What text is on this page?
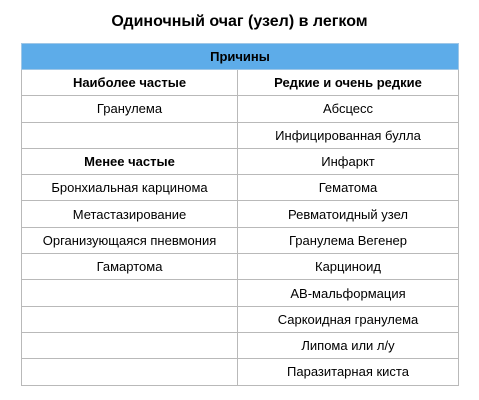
Одиночный очаг (узел) в легком
Причины	
Наиболее частые	Редкие и очень редкие
Гранулема	Абсцесс
	Инфицированная булла
Менее частые	Инфаркт
Бронхиальная карцинома	Гематома
Метастазирование	Ревматоидный узел
Организующаяся пневмония	Гранулема Вегенер
Гамартома	Карциноид
	АВ-мальформация
	Саркоидная гранулема
	Липома или л/у
	Паразитарная киста
